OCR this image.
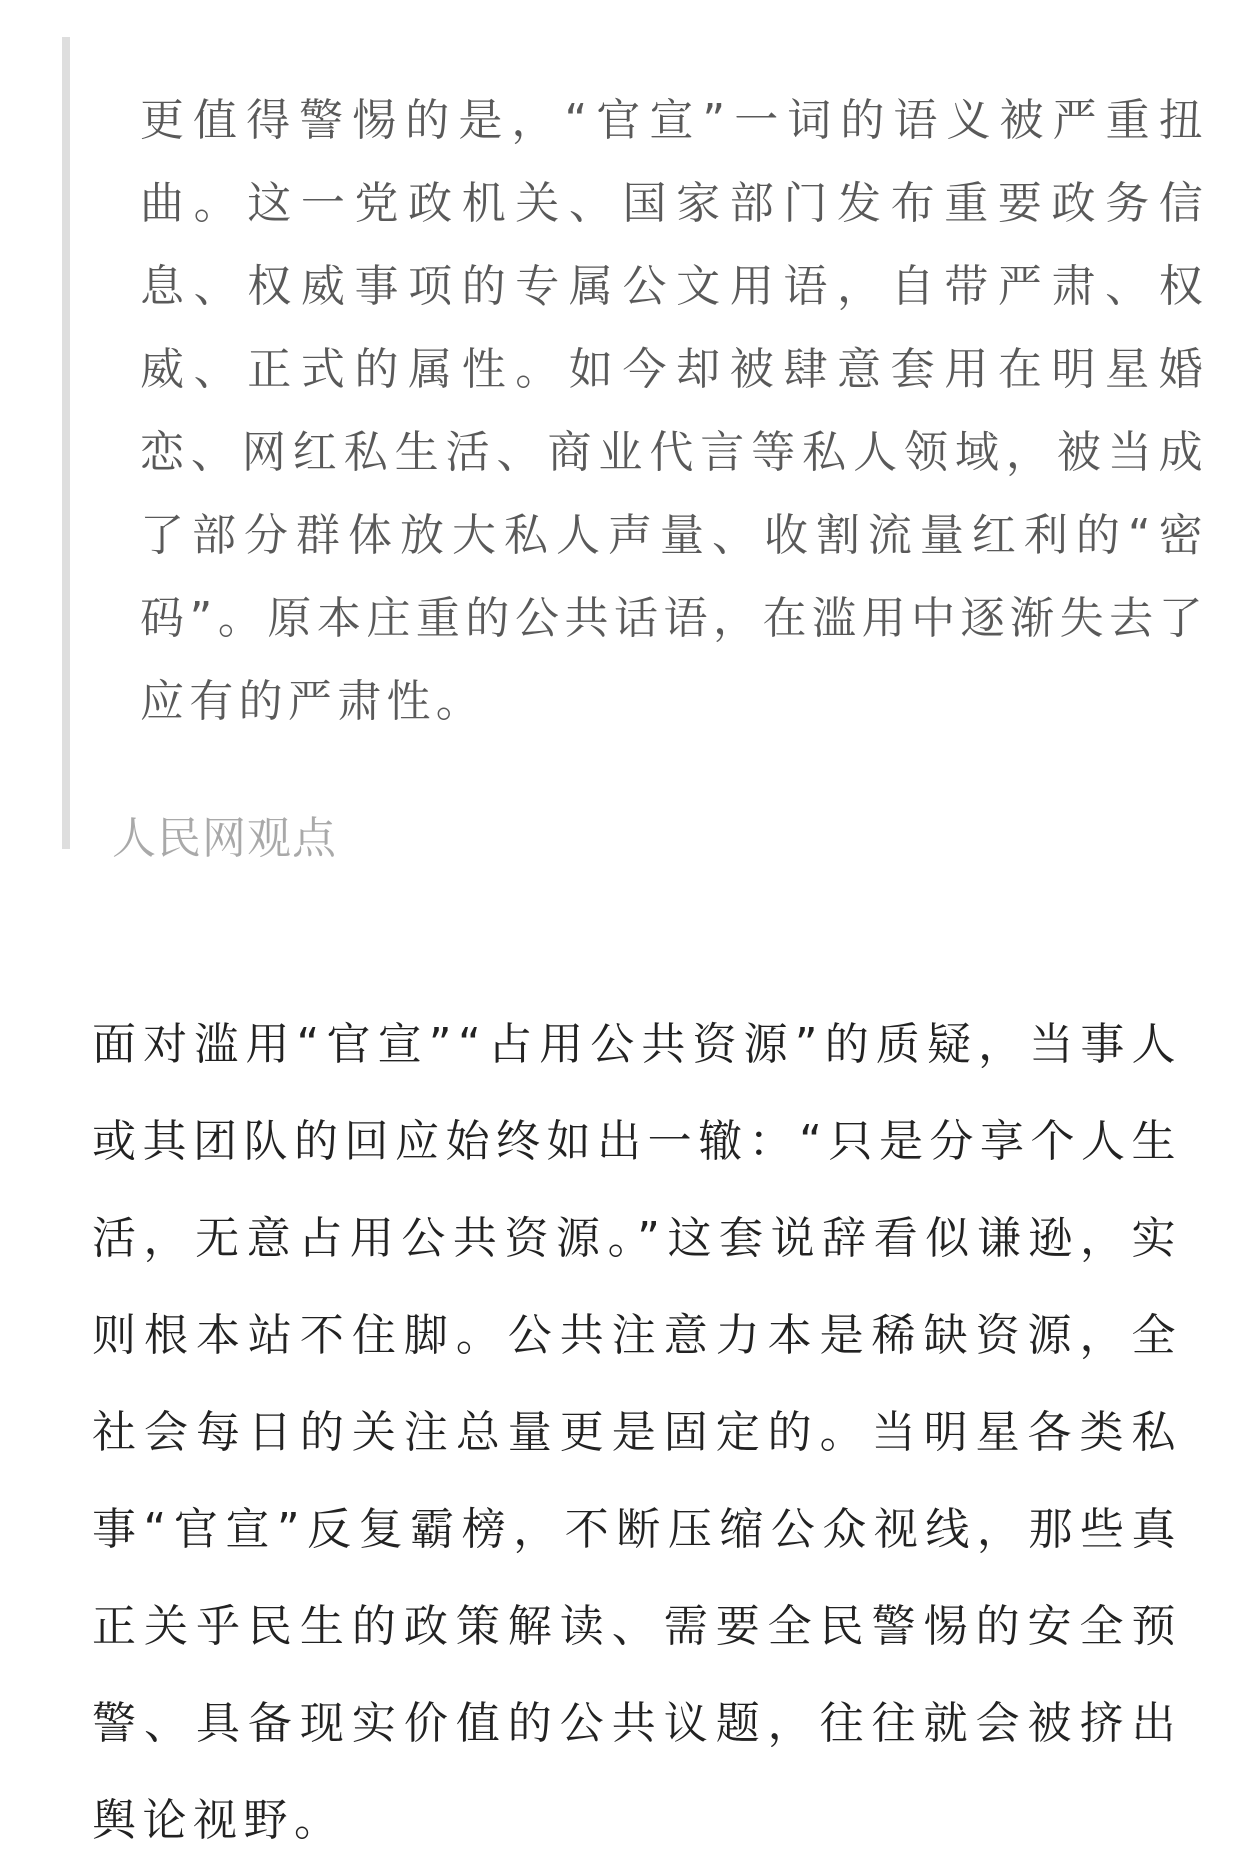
更值得警惕的是，“官宣”一词的语义被严重扭曲。这一党政机关、国家部门发布重要政务信息、权威事项的专属公文用语，自带严肃、权威、正式的属性。如今却被肆意套用在明星婚恋、网红私生活、商业代言等私人领域，被当成了部分群体放大私人声量、收割流量红利的“密码”。原本庄重的公共话语，在滥用中逐渐失去了应有的严肃性。

人民网观点

面对滥用“官宣”“占用公共资源”的质疑，当事人或其团队的回应始终如出一辙：“只是分享个人生活，无意占用公共资源。”这套说辞看似谦逊，实则根本站不住脚。公共注意力本是稀缺资源，全社会每日的关注总量更是固定的。当明星各类私事“官宣”反复霸榜，不断压缩公众视线，那些真正关乎民生的政策解读、需要全民警惕的安全预警、具备现实价值的公共议题，往往就会被挤出舆论视野。
